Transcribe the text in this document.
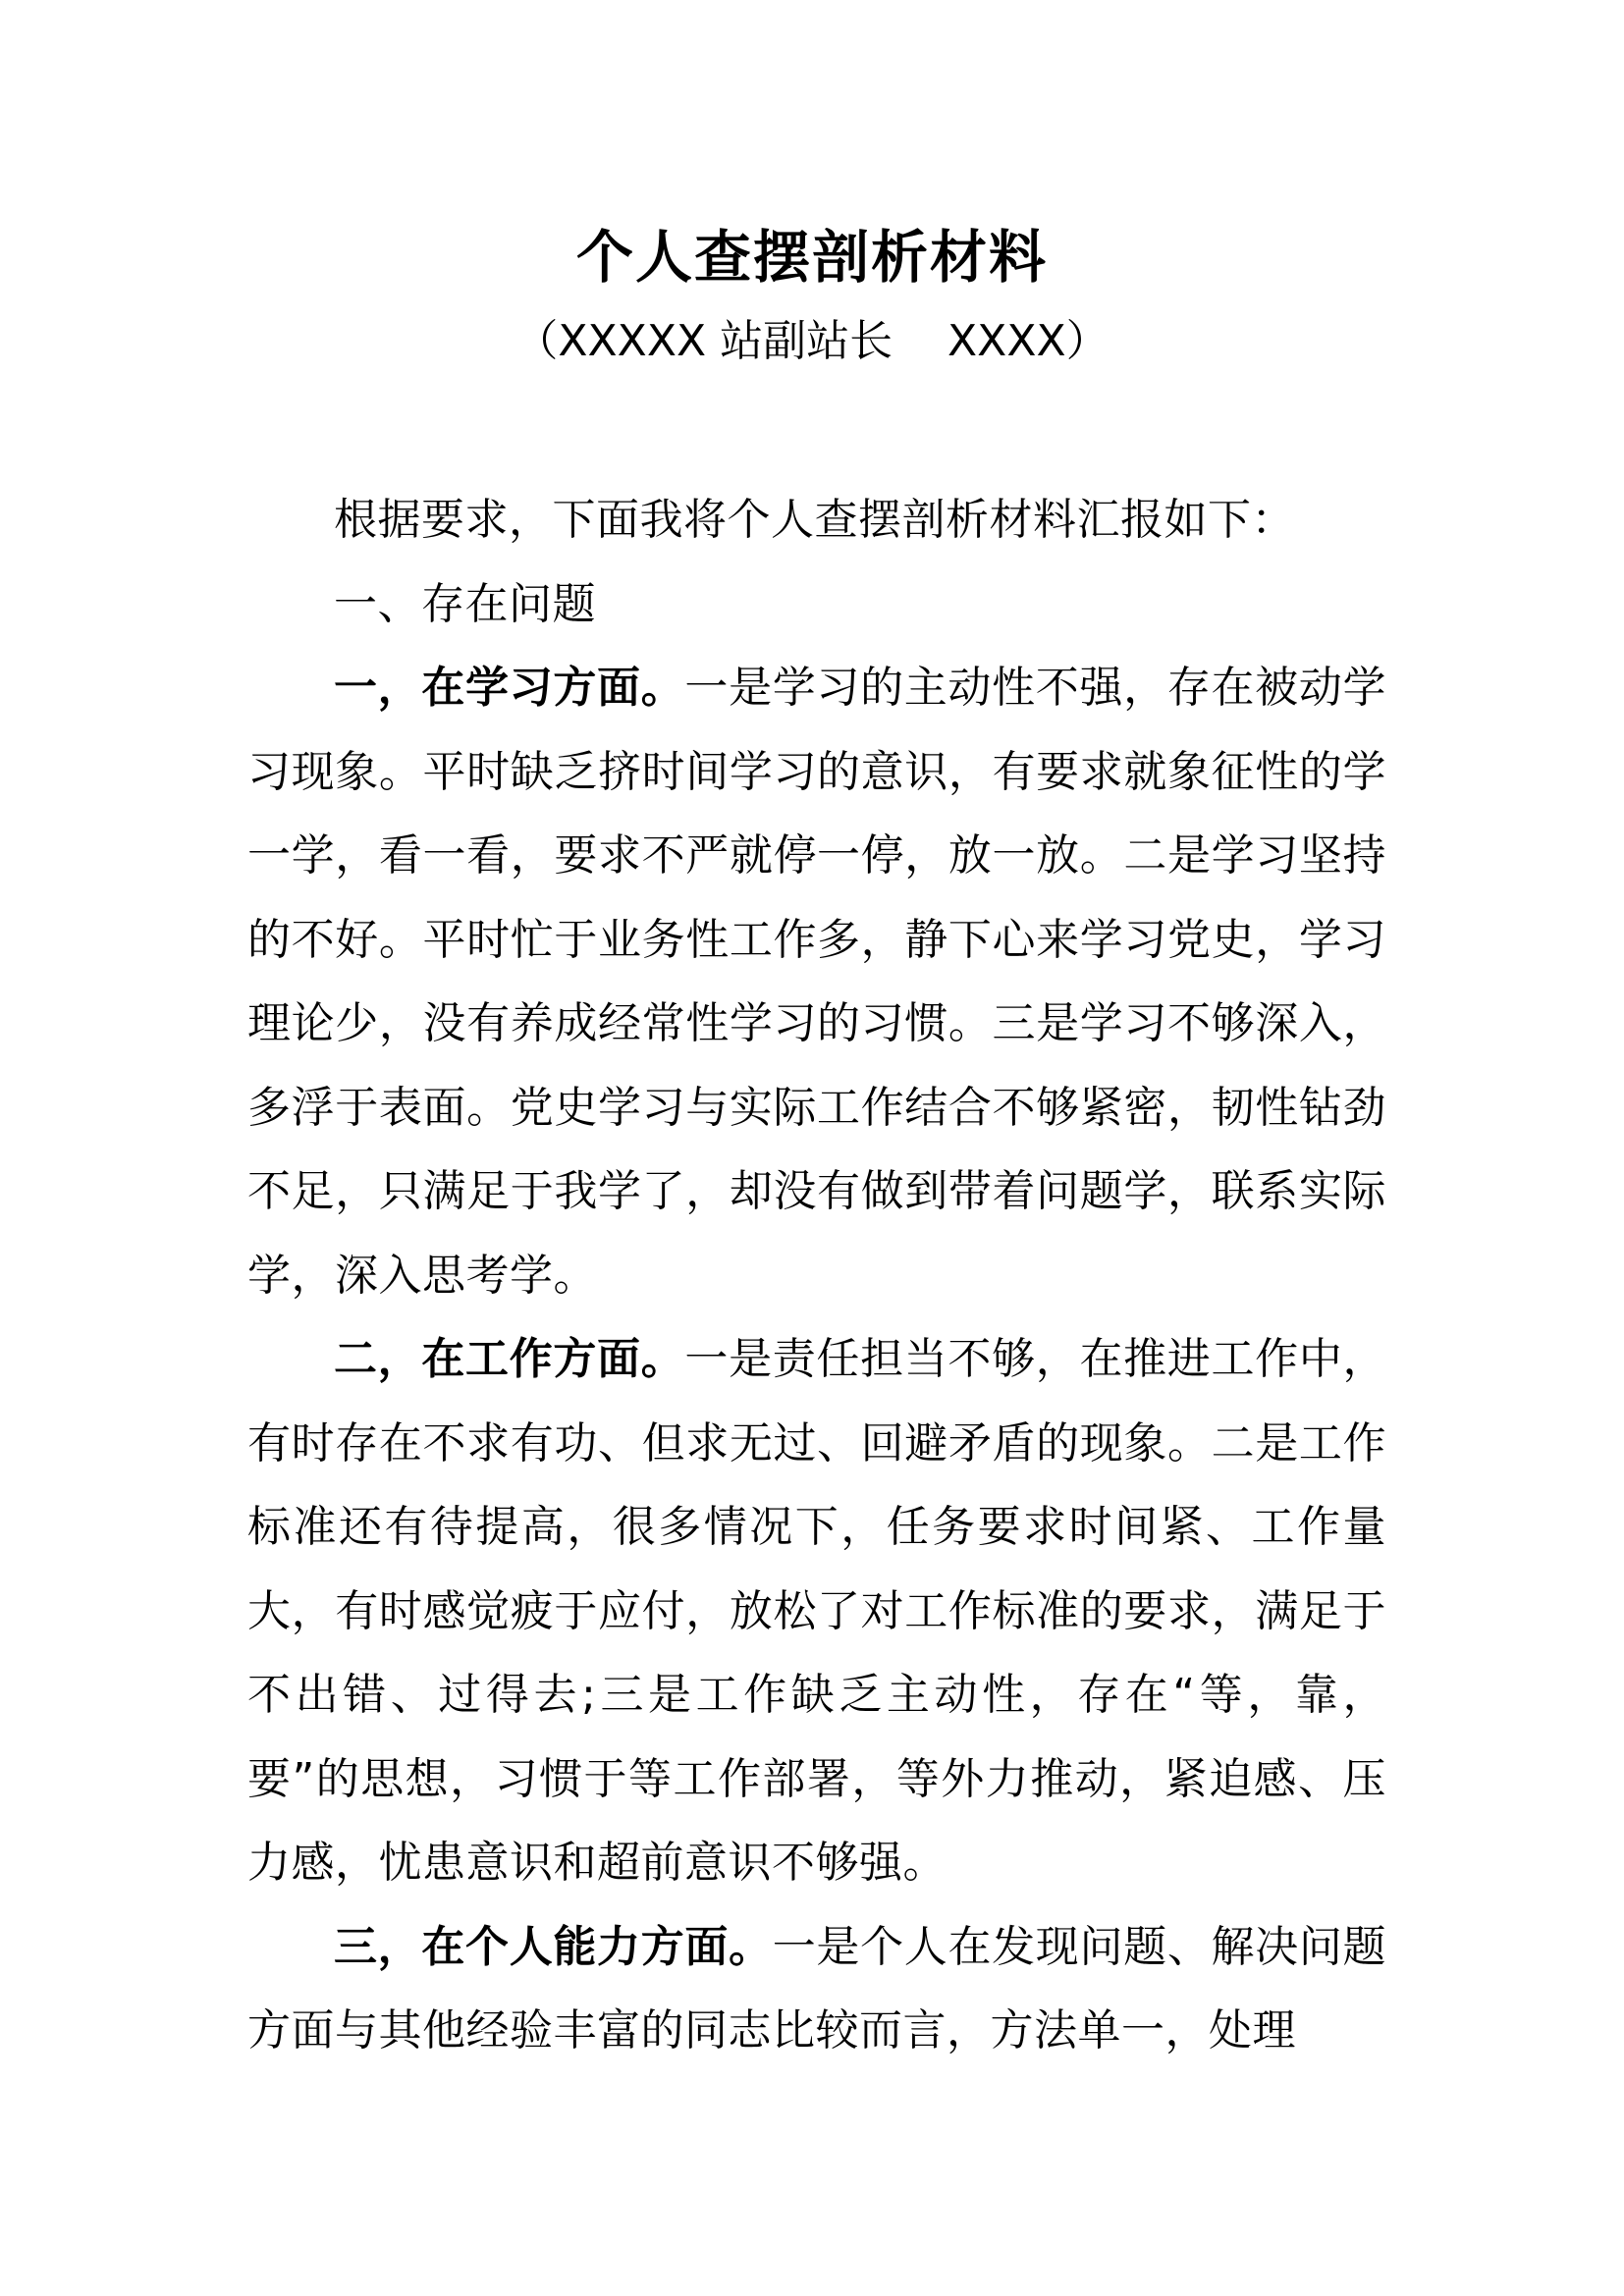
个人查摆剖析材料
（XXXXX 站副站长    XXXX）

根据要求，下面我将个人查摆剖析材料汇报如下：

一、存在问题

一，在学习方面。一是学习的主动性不强，存在被动学习现象。平时缺乏挤时间学习的意识，有要求就象征性的学一学，看一看，要求不严就停一停，放一放。二是学习坚持的不好。平时忙于业务性工作多，静下心来学习党史，学习理论少，没有养成经常性学习的习惯。三是学习不够深入，多浮于表面。党史学习与实际工作结合不够紧密，韧性钻劲不足，只满足于我学了，却没有做到带着问题学，联系实际学，深入思考学。

二，在工作方面。一是责任担当不够，在推进工作中，有时存在不求有功、但求无过、回避矛盾的现象。二是工作标准还有待提高，很多情况下，任务要求时间紧、工作量大，有时感觉疲于应付，放松了对工作标准的要求，满足于不出错、过得去;三是工作缺乏主动性，存在“等，靠，要”的思想，习惯于等工作部署，等外力推动，紧迫感、压力感，忧患意识和超前意识不够强。

三，在个人能力方面。一是个人在发现问题、解决问题方面与其他经验丰富的同志比较而言，方法单一，处理
